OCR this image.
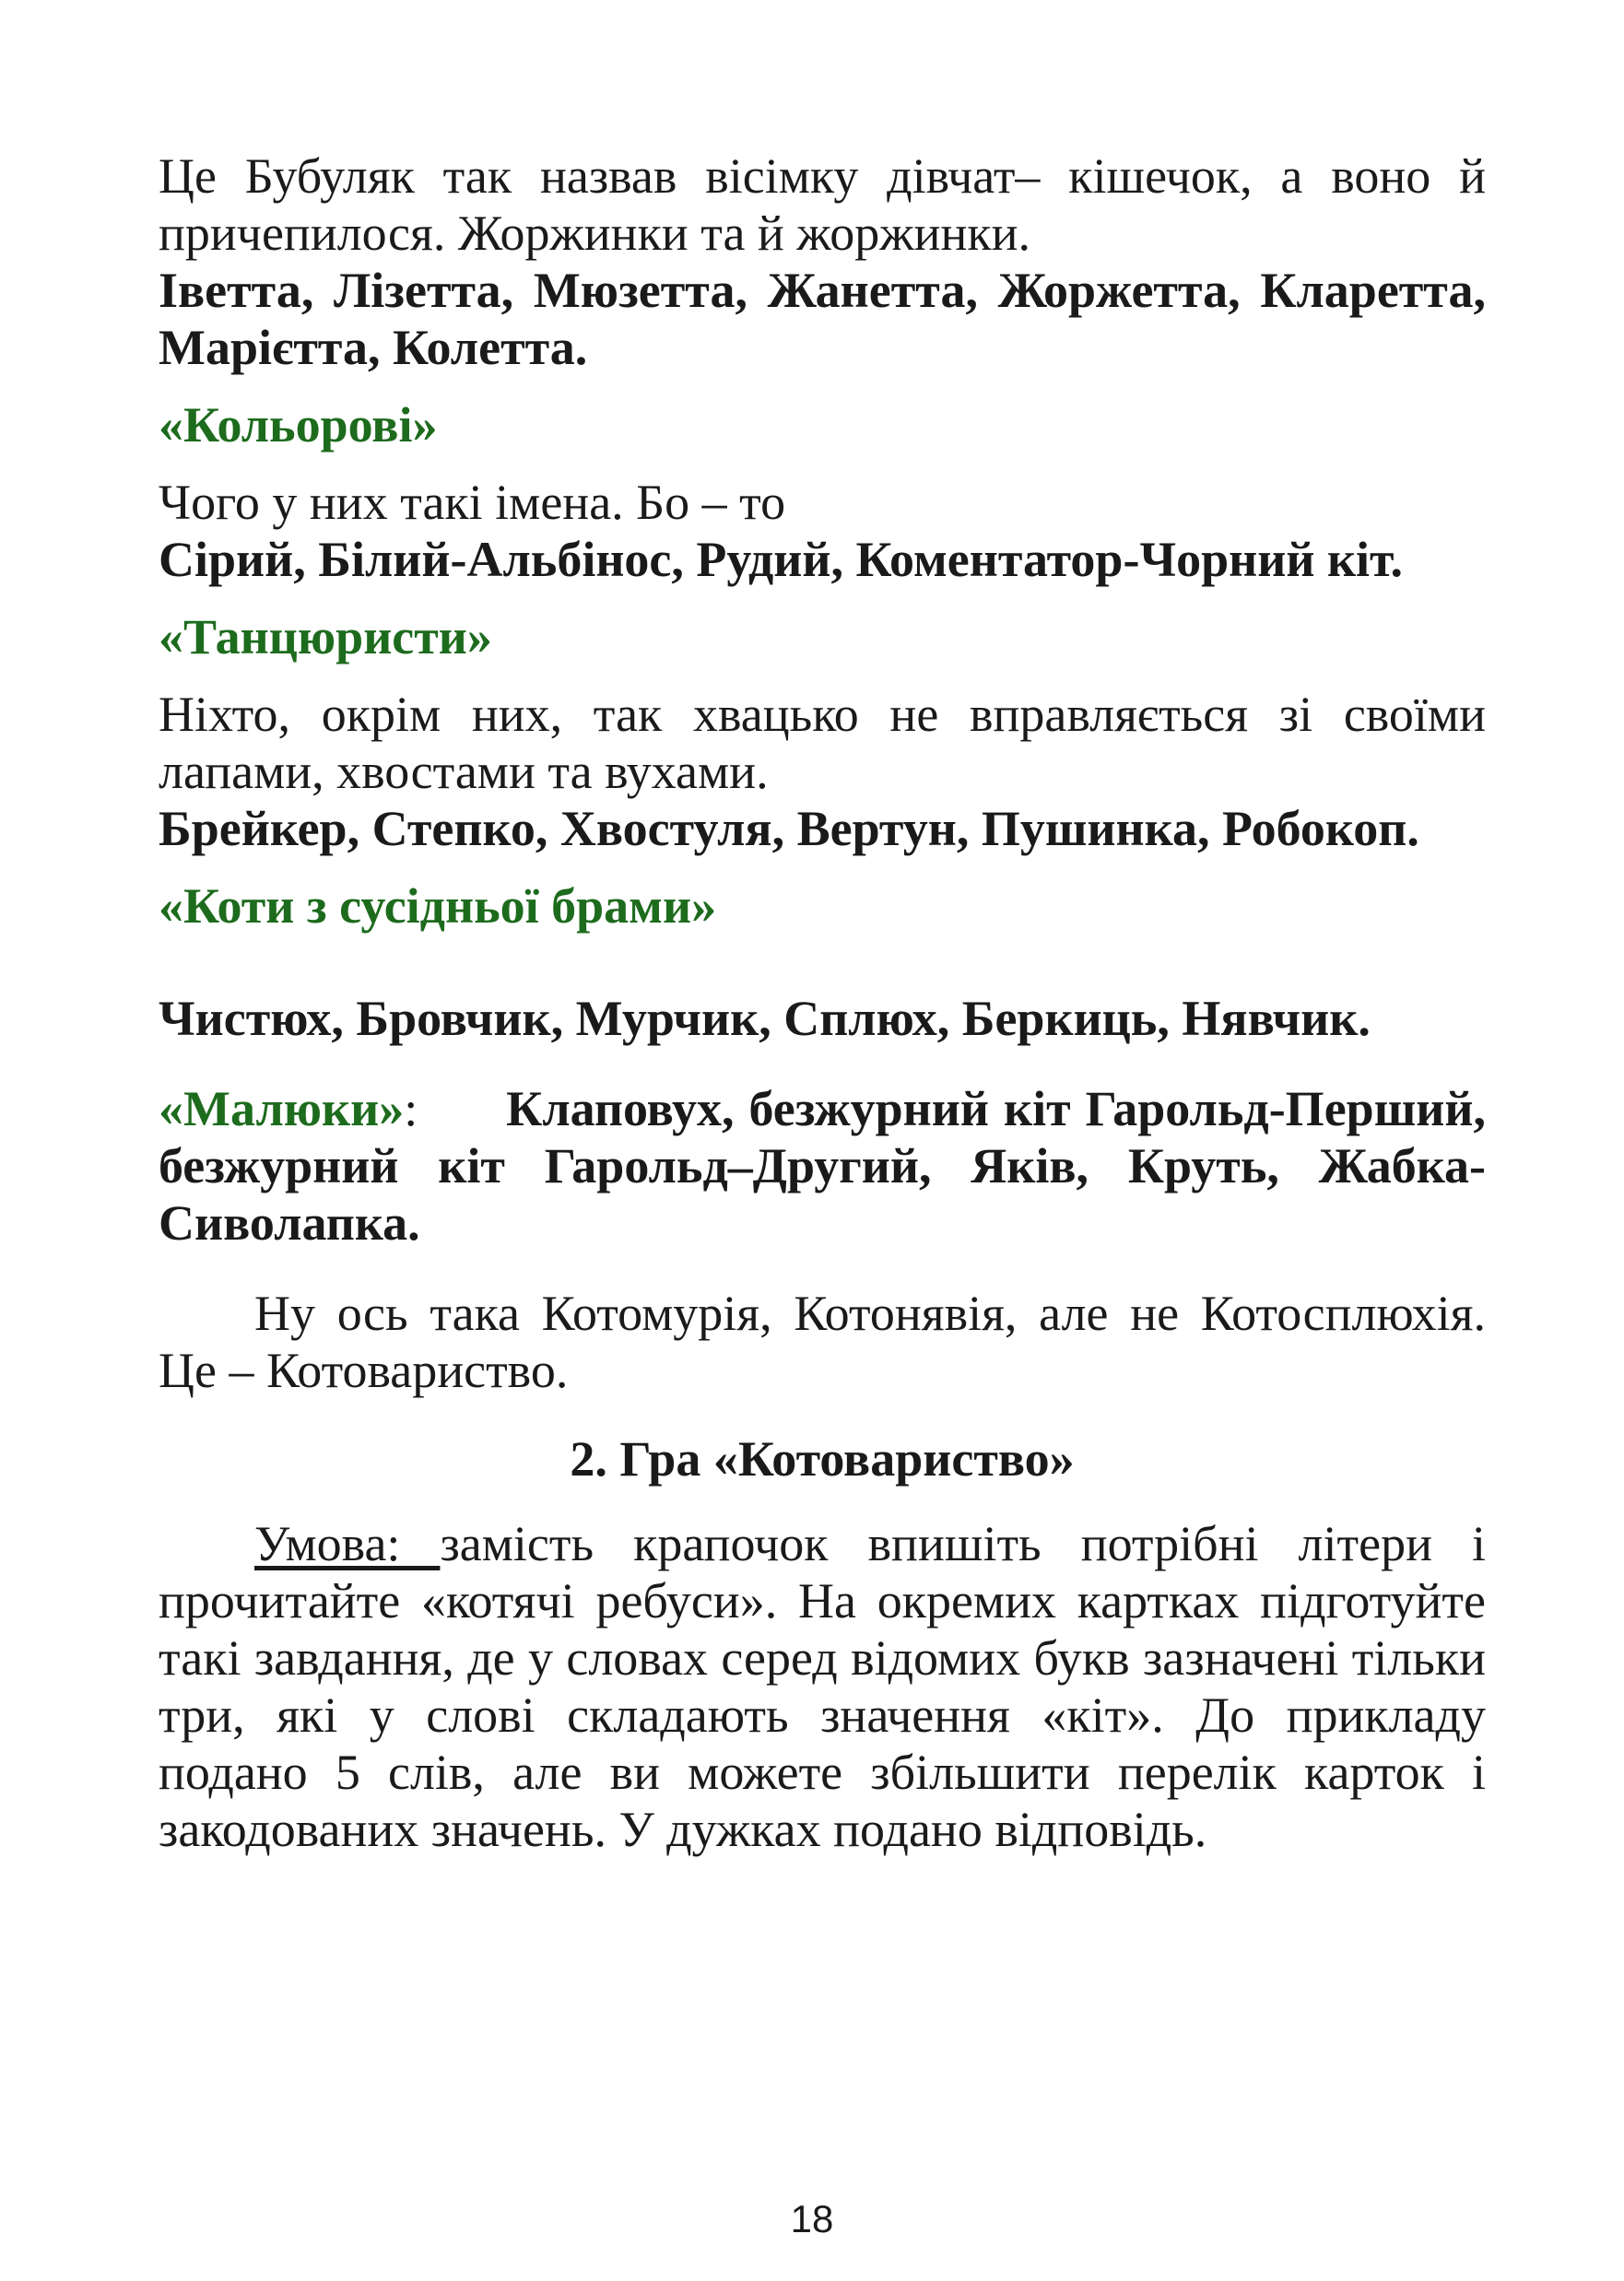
Це Бубуляк так назвав вісімку дівчат– кішечок, а воно й причепилося. Жоржинки та й жоржинки.

Іветта, Лізетта, Мюзетта, Жанетта, Жоржетта, Кларетта, Марієтта, Колетта.

«Кольорові»

Чого у них такі імена. Бо – то

Сірий, Білий-Альбінос, Рудий, Коментатор-Чорний кіт.

«Танцюристи»

Ніхто, окрім них, так хвацько не вправляється зі своїми лапами, хвостами та вухами.

Брейкер, Степко, Хвостуля, Вертун, Пушинка, Робокоп.

«Коти з сусідньої брами»

Чистюх, Бровчик, Мурчик, Сплюх, Беркиць, Нявчик.

«Малюки»: Клаповух, безжурний кіт Гарольд-Перший, безжурний кіт Гарольд–Другий, Яків, Круть, Жабка-Сиволапка.

Ну ось така Котомурія, Котонявія, але не Котосплюхія. Це – Котовариство.

2. Гра «Котовариство»

Умова: замість крапочок впишіть потрібні літери і прочитайте «котячі ребуси». На окремих картках підготуйте такі завдання, де у словах серед відомих букв зазначені тільки три, які у слові складають значення «кіт». До прикладу подано 5 слів, але ви можете збільшити перелік карток і закодованих значень. У дужках подано відповідь.

18
